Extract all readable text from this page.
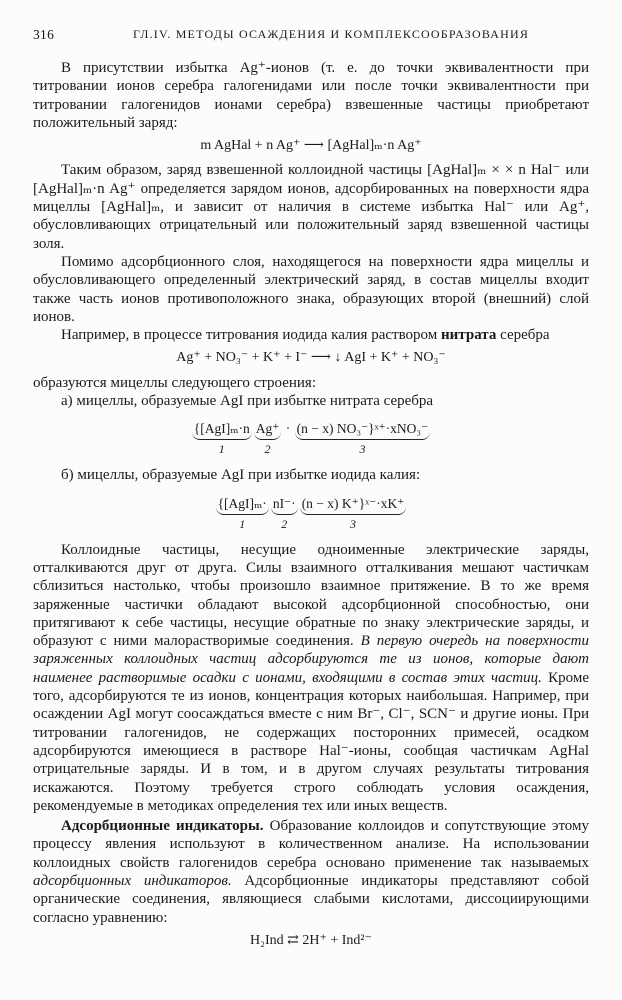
316	ГЛ.IV. МЕТОДЫ ОСАЖДЕНИЯ И КОМПЛЕКСООБРАЗОВАНИЯ

В присутствии избытка Ag⁺-ионов (т. е. до точки эквивалентности при титровании ионов серебра галогенидами или после точки эквивалентности при титровании галогенидов ионами серебра) взвешенные частицы приобретают положительный заряд:

m AgHal + n Ag⁺ ⟶ [AgHal]ₘ·n Ag⁺

Таким образом, заряд взвешенной коллоидной частицы [AgHal]ₘ × × n Hal⁻ или [AgHal]ₘ·n Ag⁺ определяется зарядом ионов, адсорбированных на поверхности ядра мицеллы [AgHal]ₘ, и зависит от наличия в системе избытка Hal⁻ или Ag⁺, обусловливающих отрицательный или положительный заряд взвешенной частицы золя.

Помимо адсорбционного слоя, находящегося на поверхности ядра мицеллы и обусловливающего определенный электрический заряд, в состав мицеллы входит также часть ионов противоположного знака, образующих второй (внешний) слой ионов.

Например, в процессе титрования иодида калия раствором нитрата серебра

Ag⁺ + NO₃⁻ + K⁺ + I⁻ ⟶ ↓ AgI + K⁺ + NO₃⁻

образуются мицеллы следующего строения:

а) мицеллы, образуемые AgI при избытке нитрата серебра

{[AgI]ₘ·n
1
Ag⁺
2
· (n − x) NO₃⁻}ˣ⁺·xNO₃⁻
3

б) мицеллы, образуемые AgI при избытке иодида калия:

{[AgI]ₘ·
1
nI⁻·
2
(n − x) K⁺}ˣ⁻·xK⁺
3

Коллоидные частицы, несущие одноименные электрические заряды, отталкиваются друг от друга. Силы взаимного отталкивания мешают частичкам сблизиться настолько, чтобы произошло взаимное притяжение. В то же время заряженные частички обладают высокой адсорбционной способностью, они притягивают к себе частицы, несущие обратные по знаку электрические заряды, и образуют с ними малорастворимые соединения. В первую очередь на поверхности заряженных коллоидных частиц адсорбируются те из ионов, которые дают наименее растворимые осадки с ионами, входящими в состав этих частиц. Кроме того, адсорбируются те из ионов, концентрация которых наибольшая. Например, при осаждении AgI могут соосаждаться вместе с ним Br⁻, Cl⁻, SCN⁻ и другие ионы. При титровании галогенидов, не содержащих посторонних примесей, осадком адсорбируются имеющиеся в растворе Hal⁻-ионы, сообщая частичкам AgHal отрицательные заряды. И в том, и в другом случаях результаты титрования искажаются. Поэтому требуется строго соблюдать условия осаждения, рекомендуемые в методиках определения тех или иных веществ.

Адсорбционные индикаторы. Образование коллоидов и сопутствующие этому процессу явления используют в количественном анализе. На использовании коллоидных свойств галогенидов серебра основано применение так называемых адсорбционных индикаторов. Адсорбционные индикаторы представляют собой органические соединения, являющиеся слабыми кислотами, диссоциирующими согласно уравнению:

H₂Ind ⇄ 2H⁺ + Ind²⁻
